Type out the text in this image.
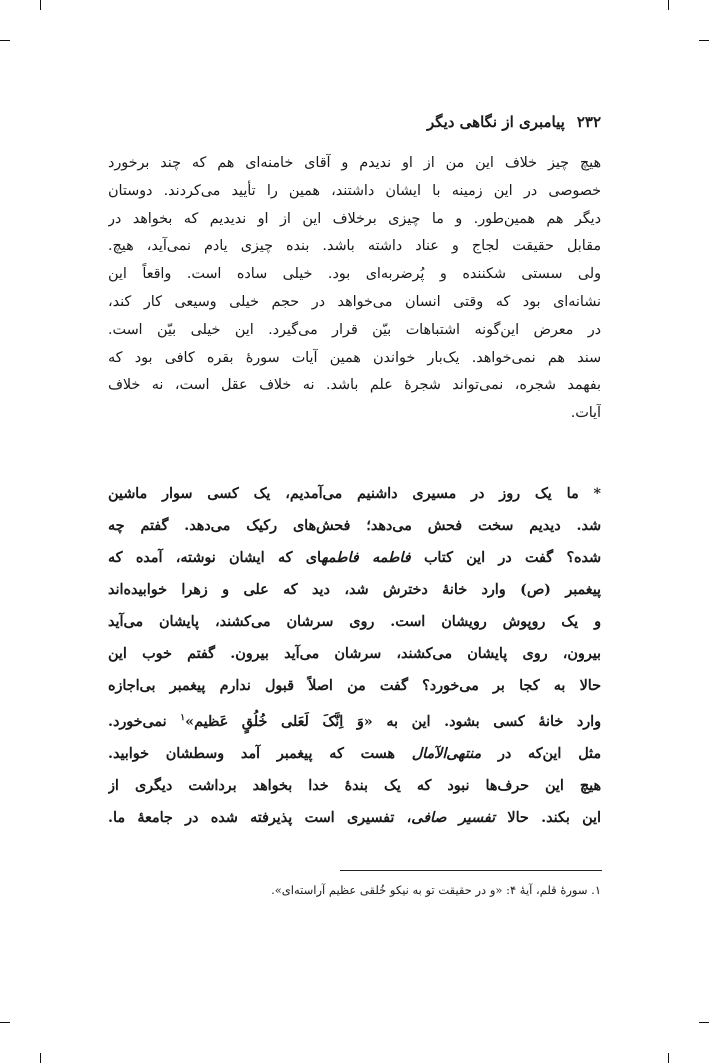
۲۳۲
پیامبری از نگاهی دیگر
هیچ چیز خلاف این من از او ندیدم و آقای خامنه‌ای هم که چند برخورد
خصوصی در این زمینه با ایشان داشتند، همین را تأیید می‌کردند. دوستان
دیگر هم همین‌طور. و ما چیزی برخلاف این از او ندیدیم که بخواهد در
مقابل حقیقت لجاج و عناد داشته باشد. بنده چیزی یادم نمی‌آید، هیچ.
ولی سستی شکننده و پُرضربه‌ای بود. خیلی ساده است. واقعاً این
نشانه‌ای بود که وقتی انسان می‌خواهد در حجم خیلی وسیعی کار کند،
در معرض این‌گونه اشتباهات بیّن قرار می‌گیرد. این خیلی بیّن است.
سند هم نمی‌خواهد. یک‌بار خواندن همین آیات سورهٔ بقره کافی بود که
بفهمد شجره، نمی‌تواند شجرهٔ علم باشد. نه خلاف عقل است، نه خلاف
آیات.
* ما یک روز در مسیری داشنیم می‌آمدیم، یک کسی سوار ماشین
شد. دیدیم سخت فحش می‌دهد؛ فحش‌های رکیک می‌دهد. گفتم چه
شده؟ گفت در این کتاب فاطمه فاطمهای که ایشان نوشته، آمده که
پیغمبر (ص) وارد خانهٔ دخترش شد، دید که علی و زهرا خوابیده‌اند
و یک روپوش رویشان است. روی سرشان می‌کشند، پایشان می‌آید
بیرون، روی پایشان می‌کشند، سرشان می‌آید بیرون. گفتم خوب این
حالا به کجا بر می‌خورد؟ گفت من اصلاً قبول ندارم پیغمبر بی‌اجازه
وارد خانهٔ کسی بشود. این به «وَ اِنَّکَ لَعَلی خُلُقٍ عَظیم»$^۱$ نمی‌خورد.
مثل این‌که در منتهی‌الآمال هست که پیغمبر آمد وسطشان خوابید.
هیچ این حرف‌ها نبود که یک بندهٔ خدا بخواهد برداشت دیگری از
این بکند. حالا تفسیر صافی، تفسیری است پذیرفته شده در جامعهٔ ما.
۱. سورهٔ قلم، آیهٔ ۴: «و در حقیقت تو به نیکو خُلقی عظیم آراسته‌ای».
